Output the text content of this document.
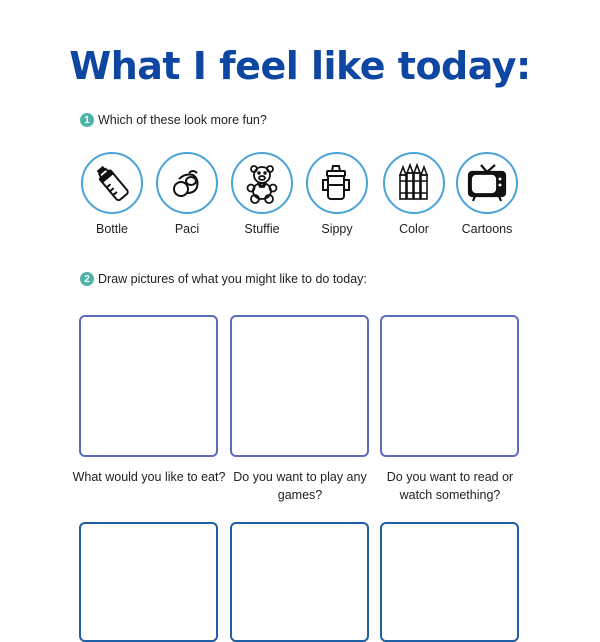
What I feel like today:
1 Which of these look more fun?
Bottle	Paci	Stuffie	Sippy	Color	Cartoons
2 Draw pictures of what you might like to do today:
What would you like to eat? Do you want to play any games?
Do you want to read or watch something?
